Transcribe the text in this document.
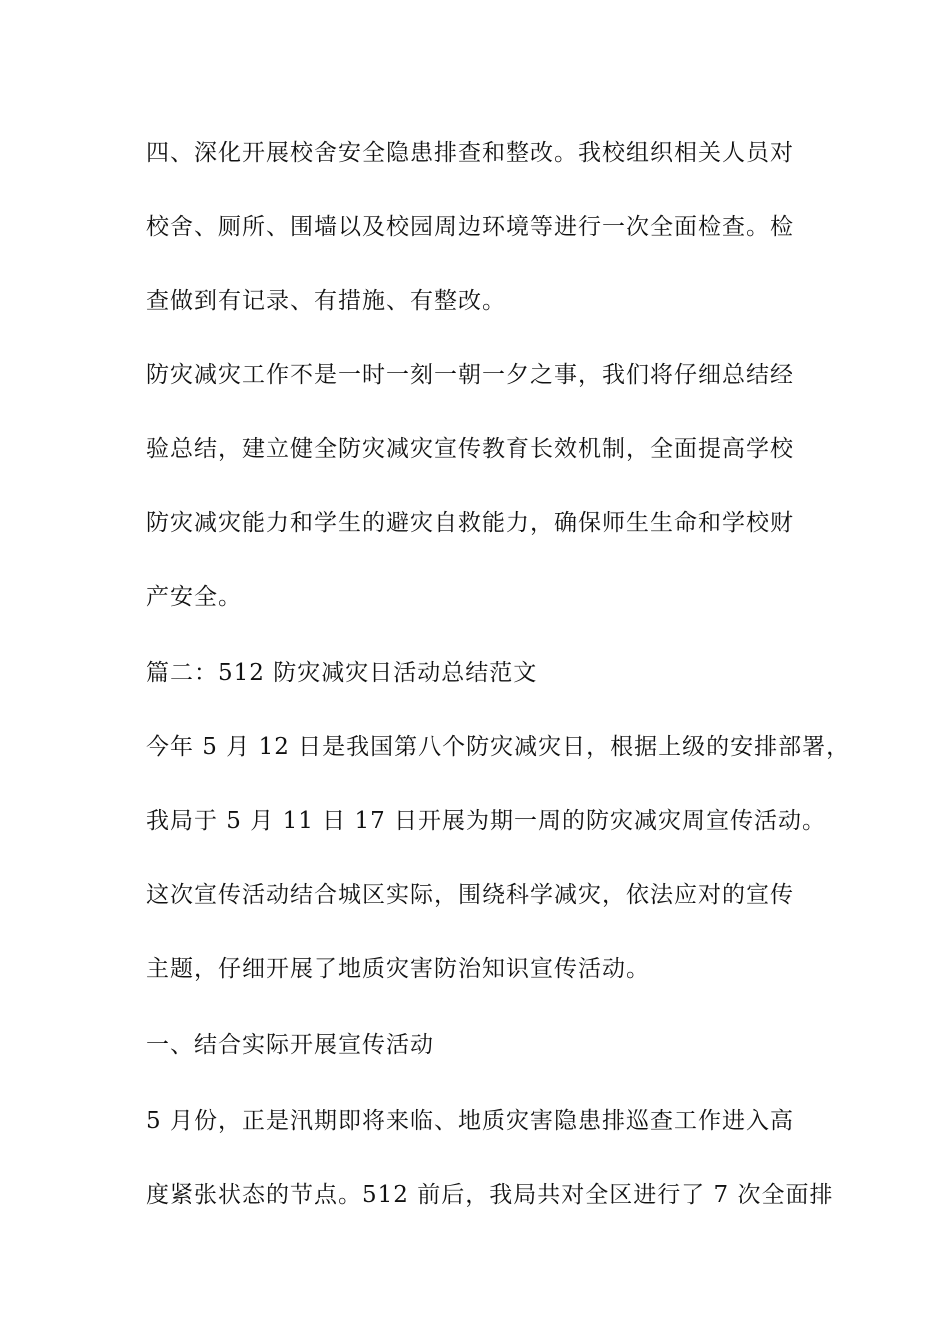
四、深化开展校舍安全隐患排查和整改。我校组织相关人员对
校舍、厕所、围墙以及校园周边环境等进行一次全面检查。检
查做到有记录、有措施、有整改。
防灾减灾工作不是一时一刻一朝一夕之事，我们将仔细总结经
验总结，建立健全防灾减灾宣传教育长效机制，全面提高学校
防灾减灾能力和学生的避灾自救能力，确保师生生命和学校财
产安全。
篇二：512 防灾减灾日活动总结范文
今年 5 月 12 日是我国第八个防灾减灾日，根据上级的安排部署，
我局于 5 月 11 日 17 日开展为期一周的防灾减灾周宣传活动。
这次宣传活动结合城区实际，围绕科学减灾，依法应对的宣传
主题，仔细开展了地质灾害防治知识宣传活动。
一、结合实际开展宣传活动
5 月份，正是汛期即将来临、地质灾害隐患排巡查工作进入高
度紧张状态的节点。512 前后，我局共对全区进行了 7 次全面排
